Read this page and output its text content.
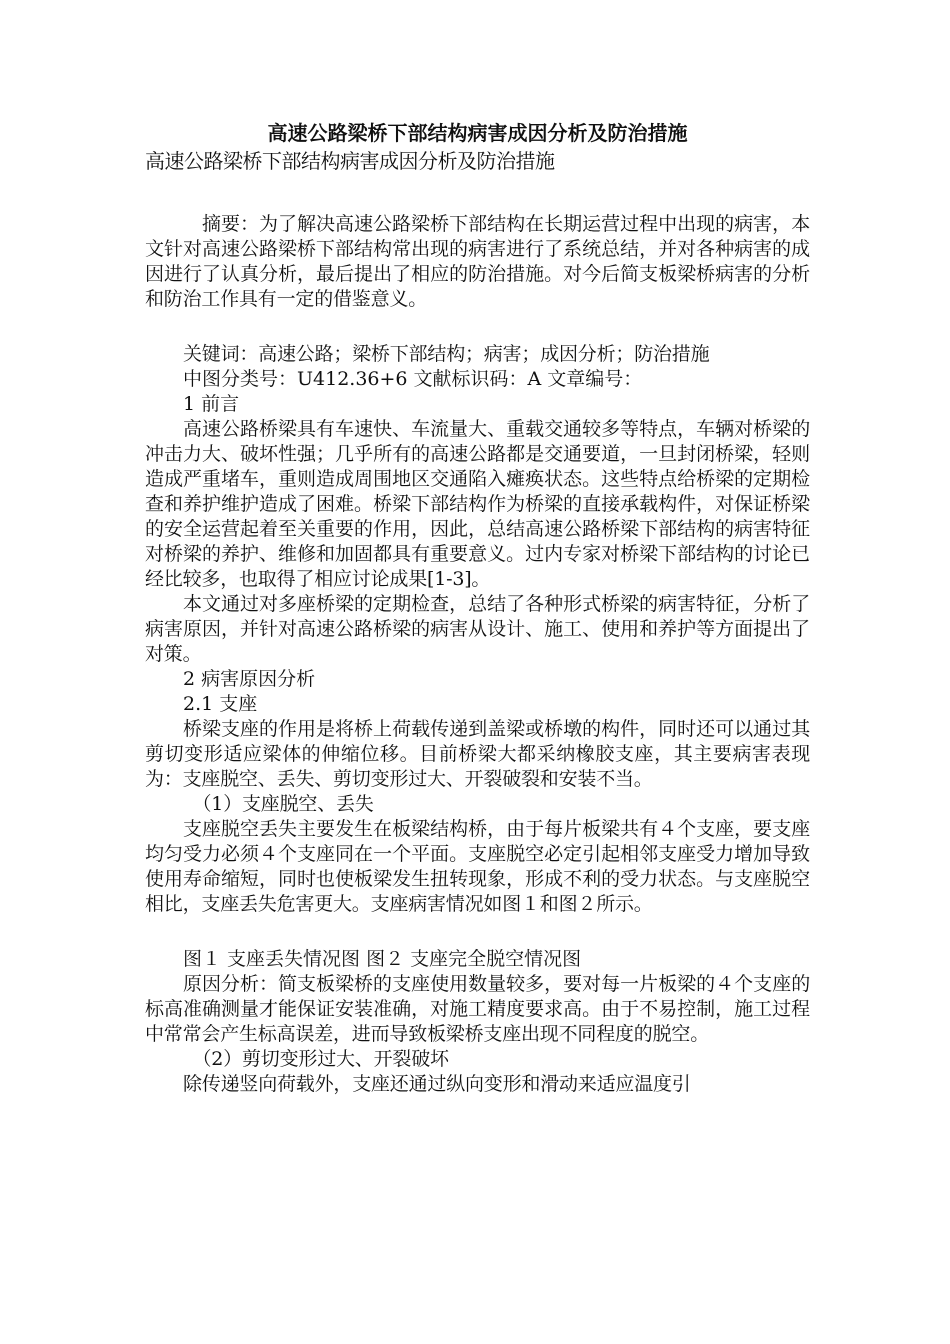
高速公路梁桥下部结构病害成因分析及防治措施

高速公路梁桥下部结构病害成因分析及防治措施

摘要：为了解决高速公路梁桥下部结构在长期运营过程中出现的病害，本文针对高速公路梁桥下部结构常出现的病害进行了系统总结，并对各种病害的成因进行了认真分析，最后提出了相应的防治措施。对今后简支板梁桥病害的分析和防治工作具有一定的借鉴意义。

关键词：高速公路；梁桥下部结构；病害；成因分析；防治措施

中图分类号：U412.36+6 文献标识码：A 文章编号：

1 前言

高速公路桥梁具有车速快、车流量大、重载交通较多等特点，车辆对桥梁的冲击力大、破坏性强；几乎所有的高速公路都是交通要道，一旦封闭桥梁，轻则造成严重堵车，重则造成周围地区交通陷入瘫痪状态。这些特点给桥梁的定期检查和养护维护造成了困难。桥梁下部结构作为桥梁的直接承载构件，对保证桥梁的安全运营起着至关重要的作用，因此，总结高速公路桥梁下部结构的病害特征对桥梁的养护、维修和加固都具有重要意义。过内专家对桥梁下部结构的讨论已经比较多，也取得了相应讨论成果[1-3]。

本文通过对多座桥梁的定期检查，总结了各种形式桥梁的病害特征，分析了病害原因，并针对高速公路桥梁的病害从设计、施工、使用和养护等方面提出了对策。

2 病害原因分析

2.1 支座

桥梁支座的作用是将桥上荷载传递到盖梁或桥墩的构件，同时还可以通过其剪切变形适应梁体的伸缩位移。目前桥梁大都采纳橡胶支座，其主要病害表现为：支座脱空、丢失、剪切变形过大、开裂破裂和安装不当。

（1）支座脱空、丢失

支座脱空丢失主要发生在板梁结构桥，由于每片板梁共有４个支座，要支座均匀受力必须４个支座同在一个平面。支座脱空必定引起相邻支座受力增加导致使用寿命缩短，同时也使板梁发生扭转现象，形成不利的受力状态。与支座脱空相比，支座丢失危害更大。支座病害情况如图１和图２所示。

图１ 支座丢失情况图 图２ 支座完全脱空情况图

原因分析：简支板梁桥的支座使用数量较多，要对每一片板梁的４个支座的标高准确测量才能保证安装准确，对施工精度要求高。由于不易控制，施工过程中常常会产生标高误差，进而导致板梁桥支座出现不同程度的脱空。

（2）剪切变形过大、开裂破坏

除传递竖向荷载外，支座还通过纵向变形和滑动来适应温度引
